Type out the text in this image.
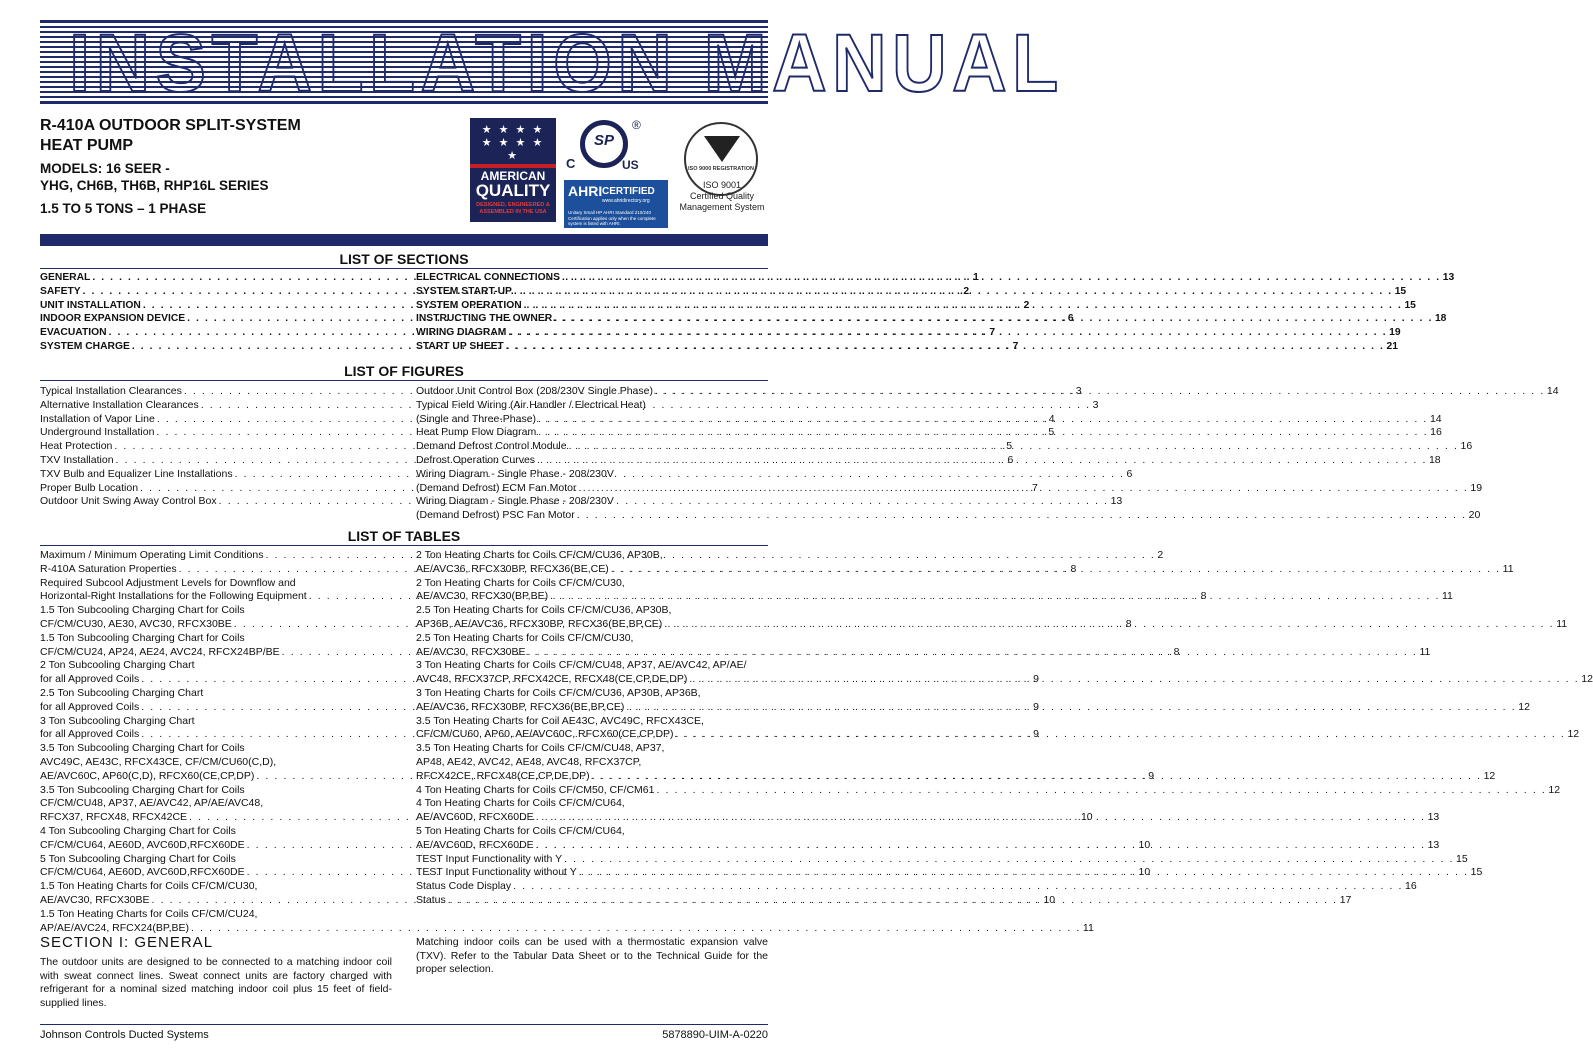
INSTALLATION MANUAL
R-410A OUTDOOR SPLIT-SYSTEM
HEAT PUMP
MODELS: 16 SEER -
YHG, CH6B, TH6B, RHP16L SERIES
1.5 TO 5 TONS – 1 PHASE
★ ★ ★ ★ ★ ★ ★ ★ ★
AMERICAN
QUALITY
DESIGNED, ENGINEERED & ASSEMBLED IN THE USA
SP
C	US
®
AHRI CERTIFIED
www.ahridirectory.org
Unitary Small HP AHRI Standard 210/240 Certification applies only when the complete system is listed with AHRI.
ISO 9000 REGISTRATION
ISO 9001
Certified Quality
Management System
LIST OF SECTIONS
GENERAL . . .	1
SAFETY . . .	2
UNIT INSTALLATION . . .	2
INDOOR EXPANSION DEVICE . . .	6
EVACUATION . . .	7
SYSTEM CHARGE . . .	7
ELECTRICAL CONNECTIONS . . .	13
SYSTEM START-UP . . .	15
SYSTEM OPERATION . . .	15
INSTRUCTING THE OWNER . . .	18
WIRING DIAGRAM . . .	19
START UP SHEET . . .	21
LIST OF FIGURES
Typical Installation Clearances . . .	3
Alternative Installation Clearances . . .	3
Installation of Vapor Line . . .	4
Underground Installation . . .	5
Heat Protection . . .	5
TXV Installation . . .	6
TXV Bulb and Equalizer Line Installations . . .	6
Proper Bulb Location . . .	7
Outdoor Unit Swing Away Control Box . . .	13
Outdoor Unit Control Box (208/230V Single Phase) . . .	14
Typical Field Wiring (Air Handler / Electrical Heat)
(Single and Three-Phase) . . .	14
Heat Pump Flow Diagram . . .	16
Demand Defrost Control Module . . .	16
Defrost Operation Curves . . .	18
Wiring Diagram - Single Phase - 208/230V
(Demand Defrost) ECM Fan Motor . . .	19
Wiring Diagram - Single Phase - 208/230V
(Demand Defrost) PSC Fan Motor . . .	20
LIST OF TABLES
Maximum / Minimum Operating Limit Conditions . . .	2
R-410A Saturation Properties . . .	8
Required Subcool Adjustment Levels for Downflow and
Horizontal-Right Installations for the Following Equipment . . .	8
1.5 Ton Subcooling Charging Chart for Coils
CF/CM/CU30, AE30, AVC30, RFCX30BE . . .	8
1.5 Ton Subcooling Charging Chart for Coils
CF/CM/CU24, AP24, AE24, AVC24, RFCX24BP/BE . . .	8
2 Ton Subcooling Charging Chart
for all Approved Coils . . .	9
2.5 Ton Subcooling Charging Chart
for all Approved Coils . . .	9
3 Ton Subcooling Charging Chart
for all Approved Coils . . .	9
3.5 Ton Subcooling Charging Chart for Coils
AVC49C, AE43C, RFCX43CE, CF/CM/CU60(C,D),
AE/AVC60C, AP60(C,D), RFCX60(CE,CP,DP) . . .	9
3.5 Ton Subcooling Charging Chart for Coils
CF/CM/CU48, AP37, AE/AVC42, AP/AE/AVC48,
RFCX37, RFCX48, RFCX42CE . . .	10
4 Ton Subcooling Charging Chart for Coils
CF/CM/CU64, AE60D, AVC60D,RFCX60DE . . .	10
5 Ton Subcooling Charging Chart for Coils
CF/CM/CU64, AE60D, AVC60D,RFCX60DE . . .	10
1.5 Ton Heating Charts for Coils CF/CM/CU30,
AE/AVC30, RFCX30BE . . .	10
1.5 Ton Heating Charts for Coils CF/CM/CU24,
AP/AE/AVC24, RFCX24(BP,BE) . . .	11
2 Ton Heating Charts for Coils CF/CM/CU36, AP30B,
AE/AVC36, RFCX30BP, RFCX36(BE,CE) . . .	11
2 Ton Heating Charts for Coils CF/CM/CU30,
AE/AVC30, RFCX30(BP,BE) . . .	11
2.5 Ton Heating Charts for Coils CF/CM/CU36, AP30B,
AP36B, AE/AVC36, RFCX30BP, RFCX36(BE,BP,CE) . . .	11
2.5 Ton Heating Charts for Coils CF/CM/CU30,
AE/AVC30, RFCX30BE . . .	11
3 Ton Heating Charts for Coils CF/CM/CU48, AP37, AE/AVC42, AP/AE/
AVC48, RFCX37CP, RFCX42CE, RFCX48(CE,CP,DE,DP) . . .	12
3 Ton Heating Charts for Coils CF/CM/CU36, AP30B, AP36B,
AE/AVC36, RFCX30BP, RFCX36(BE,BP,CE) . . .	12
3.5 Ton Heating Charts for Coil AE43C, AVC49C, RFCX43CE,
CF/CM/CU60, AP60, AE/AVC60C, RFCX60(CE,CP,DP) . . .	12
3.5 Ton Heating Charts for Coils CF/CM/CU48, AP37,
AP48, AE42, AVC42, AE48, AVC48, RFCX37CP,
RFCX42CE, RFCX48(CE,CP,DE,DP) . . .	12
4 Ton Heating Charts for Coils CF/CM50, CF/CM61 . . .	12
4 Ton Heating Charts for Coils CF/CM/CU64,
AE/AVC60D, RFCX60DE . . .	13
5 Ton Heating Charts for Coils CF/CM/CU64,
AE/AVC60D, RFCX60DE . . .	13
TEST Input Functionality with Y . . .	15
TEST Input Functionality without Y . . .	15
Status Code Display . . .	16
Status . . .	17
SECTION I: GENERAL
The outdoor units are designed to be connected to a matching indoor coil with sweat connect lines. Sweat connect units are factory charged with refrigerant for a nominal sized matching indoor coil plus 15 feet of field-supplied lines.
Matching indoor coils can be used with a thermostatic expansion valve (TXV). Refer to the Tabular Data Sheet or to the Technical Guide for the proper selection.
Johnson Controls Ducted Systems	5878890-UIM-A-0220
